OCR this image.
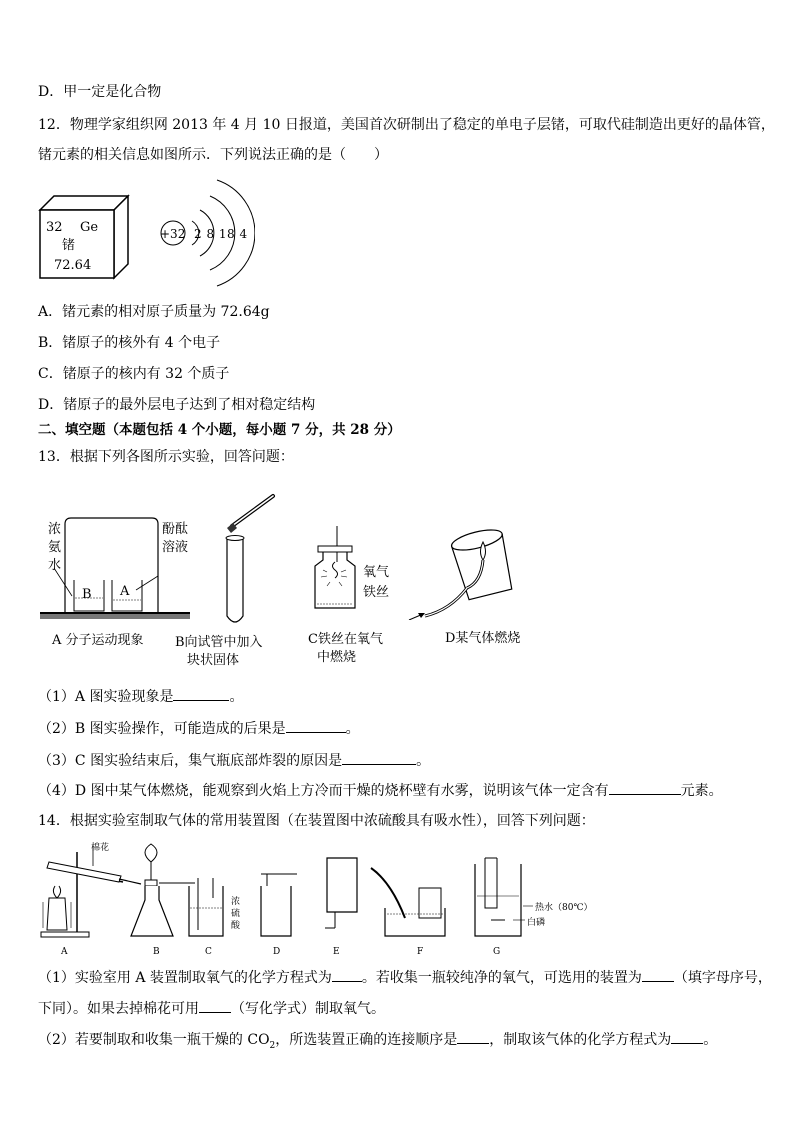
D．甲一定是化合物
12．物理学家组织网 2013 年 4 月 10 日报道，美国首次研制出了稳定的单电子层锗，可取代硅制造出更好的晶体管，
锗元素的相关信息如图所示．下列说法正确的是（　　）
32 Ge
锗
72.64
+32 2 8 18 4
A．锗元素的相对原子质量为 72.64g
B．锗原子的核外有 4 个电子
C．锗原子的核内有 32 个质子
D．锗原子的最外层电子达到了相对稳定结构
二、填空题（本题包括 4 个小题，每小题 7 分，共 28 分）
13．根据下列各图所示实验，回答问题：
浓
氨
水
酚酞
溶液
B A
A 分子运动现象 B向试管中加入
块状固体
氧气
铁丝
C铁丝在氧气
中燃烧
D某气体燃烧
（1）A 图实验现象是	。
（2）B 图实验操作，可能造成的后果是	。
（3）C 图实验结束后，集气瓶底部炸裂的原因是	。
（4）D 图中某气体燃烧，能观察到火焰上方冷而干燥的烧杯壁有水雾，说明该气体一定含有	元素。
14．根据实验室制取气体的常用装置图（在装置图中浓硫酸具有吸水性），回答下列问题：
棉花
浓
硫
酸
热水（80℃）
白磷
A	B	C	D	E	F	G
（1）实验室用 A 装置制取氧气的化学方程式为 。若收集一瓶较纯净的氧气，可选用的装置为 （填字母序号，
下同）。如果去掉棉花可用 （写化学式）制取氧气。
（2）若要制取和收集一瓶干燥的 $CO_2$，所选装置正确的连接顺序是 ，制取该气体的化学方程式为 。
